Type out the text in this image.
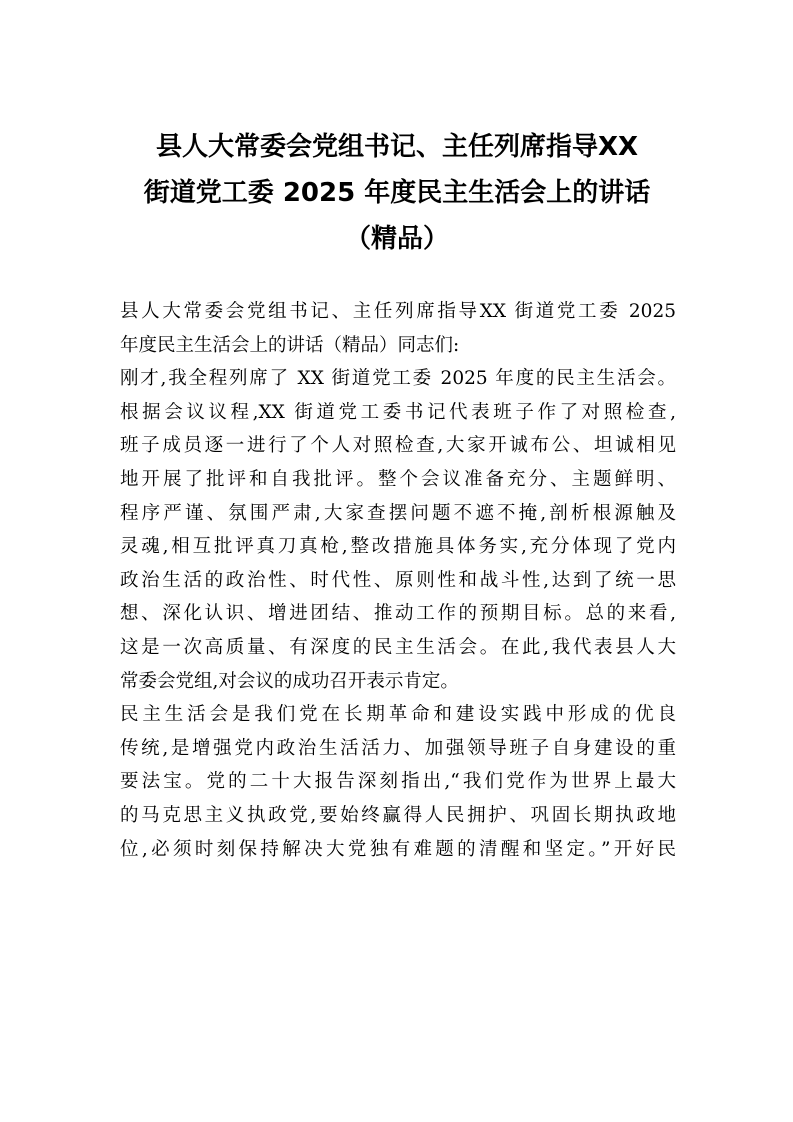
县人大常委会党组书记、主任列席指导XX
街道党工委 2025 年度民主生活会上的讲话
（精品）
县人大常委会党组书记、主任列席指导XX 街道党工委 2025
年度民主生活会上的讲话（精品）同志们:
刚才,我全程列席了 XX 街道党工委 2025 年度的民主生活会。
根据会议议程,XX 街道党工委书记代表班子作了对照检查,
班子成员逐一进行了个人对照检查,大家开诚布公、坦诚相见
地开展了批评和自我批评。整个会议准备充分、主题鲜明、
程序严谨、氛围严肃,大家查摆问题不遮不掩,剖析根源触及
灵魂,相互批评真刀真枪,整改措施具体务实,充分体现了党内
政治生活的政治性、时代性、原则性和战斗性,达到了统一思
想、深化认识、增进团结、推动工作的预期目标。总的来看,
这是一次高质量、有深度的民主生活会。在此,我代表县人大
常委会党组,对会议的成功召开表示肯定。
民主生活会是我们党在长期革命和建设实践中形成的优良
传统,是增强党内政治生活活力、加强领导班子自身建设的重
要法宝。党的二十大报告深刻指出,“我们党作为世界上最大
的马克思主义执政党,要始终赢得人民拥护、巩固长期执政地
位,必须时刻保持解决大党独有难题的清醒和坚定。”开好民
